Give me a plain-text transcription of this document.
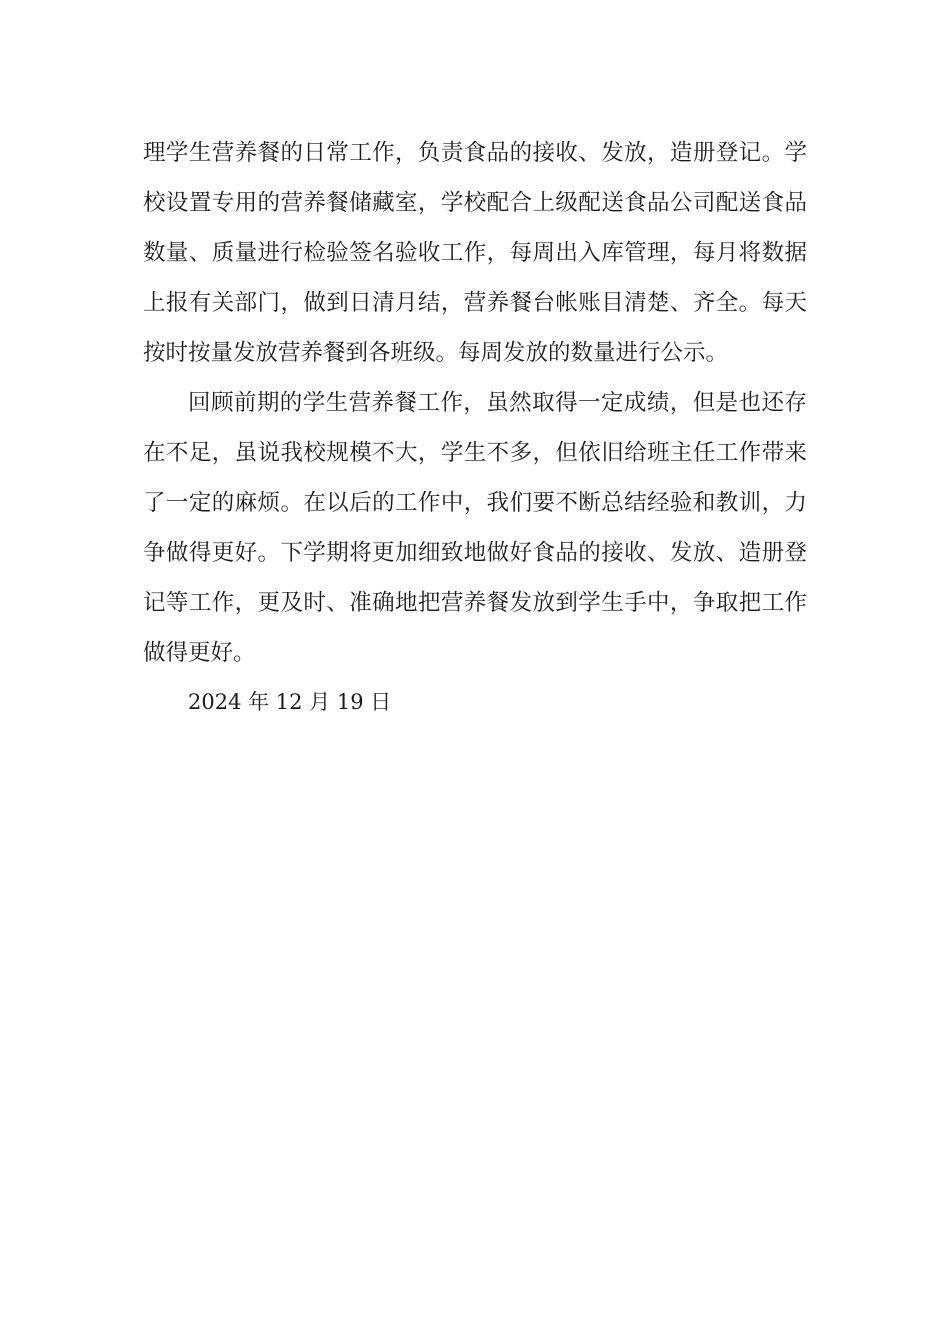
理学生营养餐的日常工作，负责食品的接收、发放，造册登记。学
校设置专用的营养餐储藏室，学校配合上级配送食品公司配送食品
数量、质量进行检验签名验收工作，每周出入库管理，每月将数据
上报有关部门，做到日清月结，营养餐台帐账目清楚、齐全。每天
按时按量发放营养餐到各班级。每周发放的数量进行公示。
回顾前期的学生营养餐工作，虽然取得一定成绩，但是也还存
在不足，虽说我校规模不大，学生不多，但依旧给班主任工作带来
了一定的麻烦。在以后的工作中，我们要不断总结经验和教训，力
争做得更好。下学期将更加细致地做好食品的接收、发放、造册登
记等工作，更及时、准确地把营养餐发放到学生手中，争取把工作
做得更好。
2024 年 12 月 19 日
